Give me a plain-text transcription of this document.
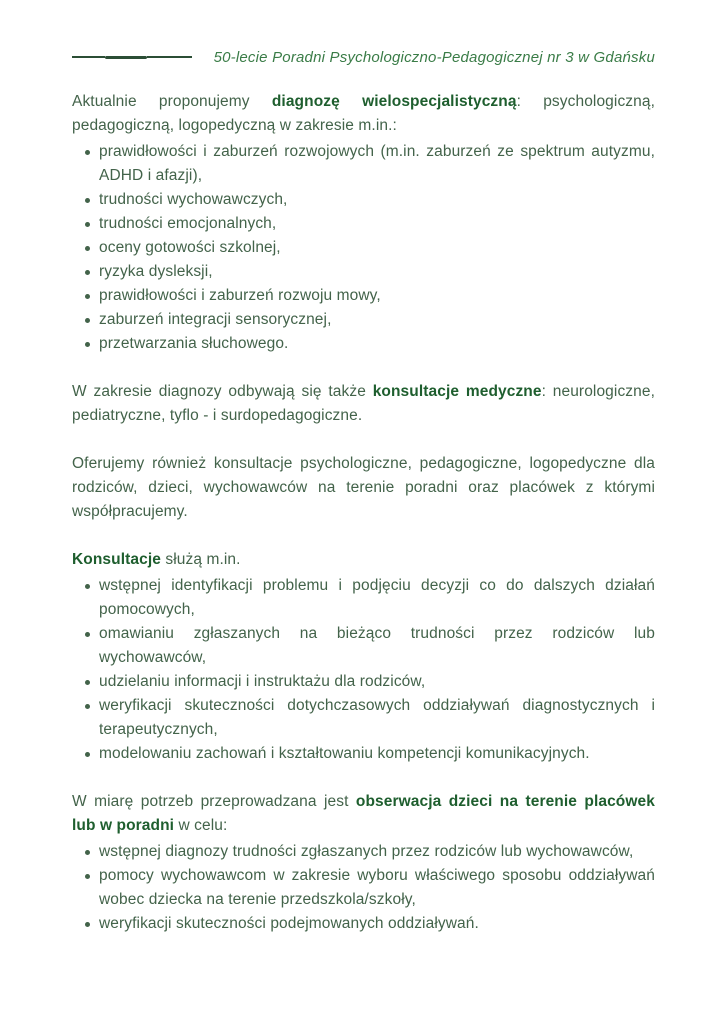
50-lecie Poradni Psychologiczno-Pedagogicznej nr 3 w Gdańsku

Aktualnie proponujemy diagnozę wielospecjalistyczną: psychologiczną, pedagogiczną, logopedyczną w zakresie m.in.:

prawidłowości i zaburzeń rozwojowych (m.in. zaburzeń ze spektrum autyzmu, ADHD i afazji),
trudności wychowawczych,
trudności emocjonalnych,
oceny gotowości szkolnej,
ryzyka dysleksji,
prawidłowości i zaburzeń rozwoju mowy,
zaburzeń integracji sensorycznej,
przetwarzania słuchowego.

W zakresie diagnozy odbywają się także konsultacje medyczne: neurologiczne, pediatryczne, tyflo - i surdopedagogiczne.

Oferujemy również konsultacje psychologiczne, pedagogiczne, logopedyczne dla rodziców, dzieci, wychowawców na terenie poradni oraz placówek z którymi współpracujemy.

Konsultacje służą m.in.

wstępnej identyfikacji problemu i podjęciu decyzji co do dalszych działań pomocowych,
omawianiu zgłaszanych na bieżąco trudności przez rodziców lub wychowawców,
udzielaniu informacji i instruktażu dla rodziców,
weryfikacji skuteczności dotychczasowych oddziaływań diagnostycznych i terapeutycznych,
modelowaniu zachowań i kształtowaniu kompetencji komunikacyjnych.

W miarę potrzeb przeprowadzana jest obserwacja dzieci na terenie placówek lub w poradni w celu:

wstępnej diagnozy trudności zgłaszanych przez rodziców lub wychowawców,
pomocy wychowawcom w zakresie wyboru właściwego sposobu oddziaływań wobec dziecka na terenie przedszkola/szkoły,
weryfikacji skuteczności podejmowanych oddziaływań.
